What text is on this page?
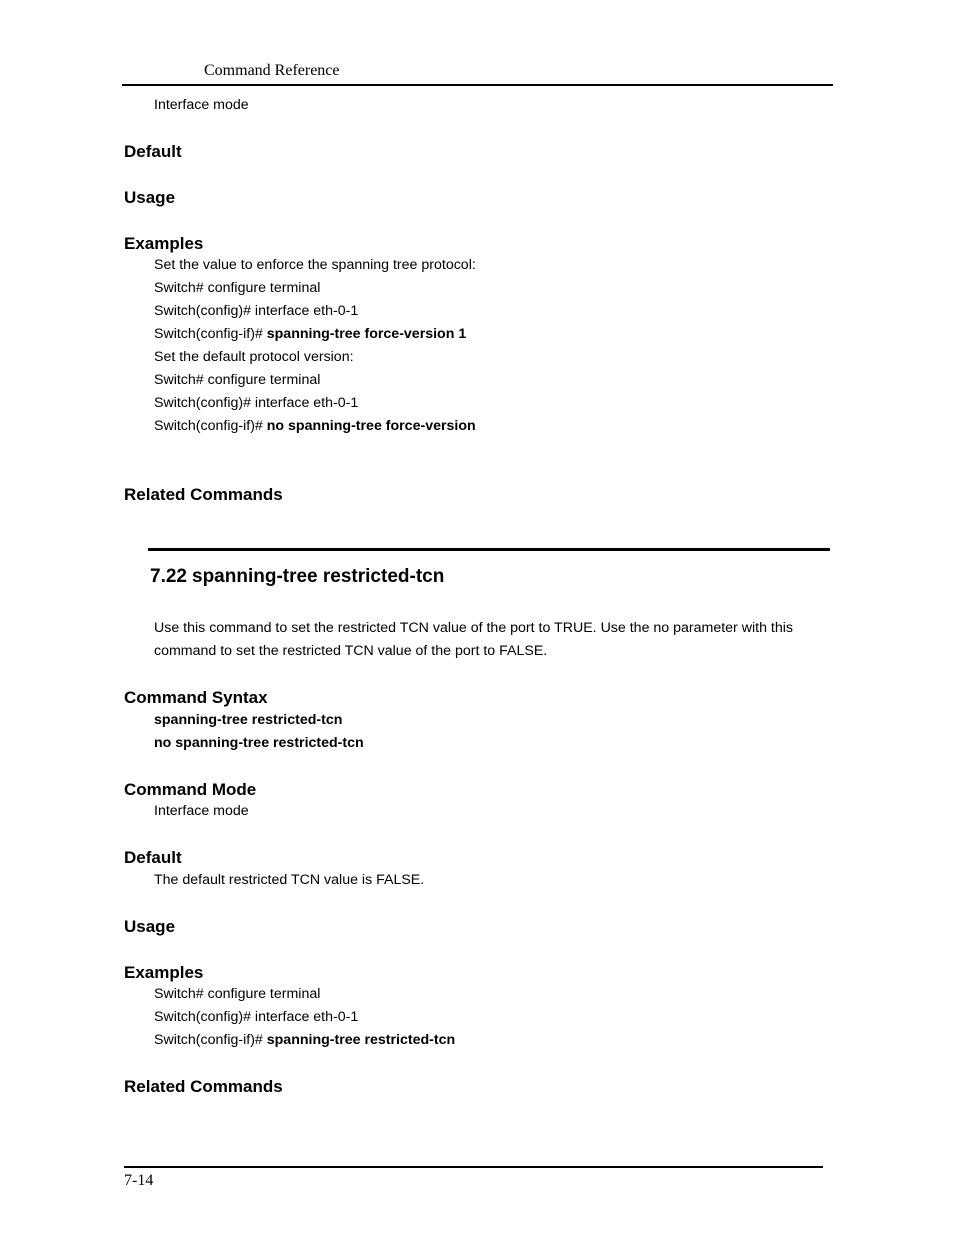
Command Reference
Interface mode
Default
Usage
Examples
Set the value to enforce the spanning tree protocol:
Switch# configure terminal
Switch(config)# interface eth-0-1
Switch(config-if)# spanning-tree force-version 1
Set the default protocol version:
Switch# configure terminal
Switch(config)# interface eth-0-1
Switch(config-if)# no spanning-tree force-version
Related Commands
7.22 spanning-tree restricted-tcn
Use this command to set the restricted TCN value of the port to TRUE. Use the no parameter with this
command to set the restricted TCN value of the port to FALSE.
Command Syntax
spanning-tree restricted-tcn
no spanning-tree restricted-tcn
Command Mode
Interface mode
Default
The default restricted TCN value is FALSE.
Usage
Examples
Switch# configure terminal
Switch(config)# interface eth-0-1
Switch(config-if)# spanning-tree restricted-tcn
Related Commands
7-14
